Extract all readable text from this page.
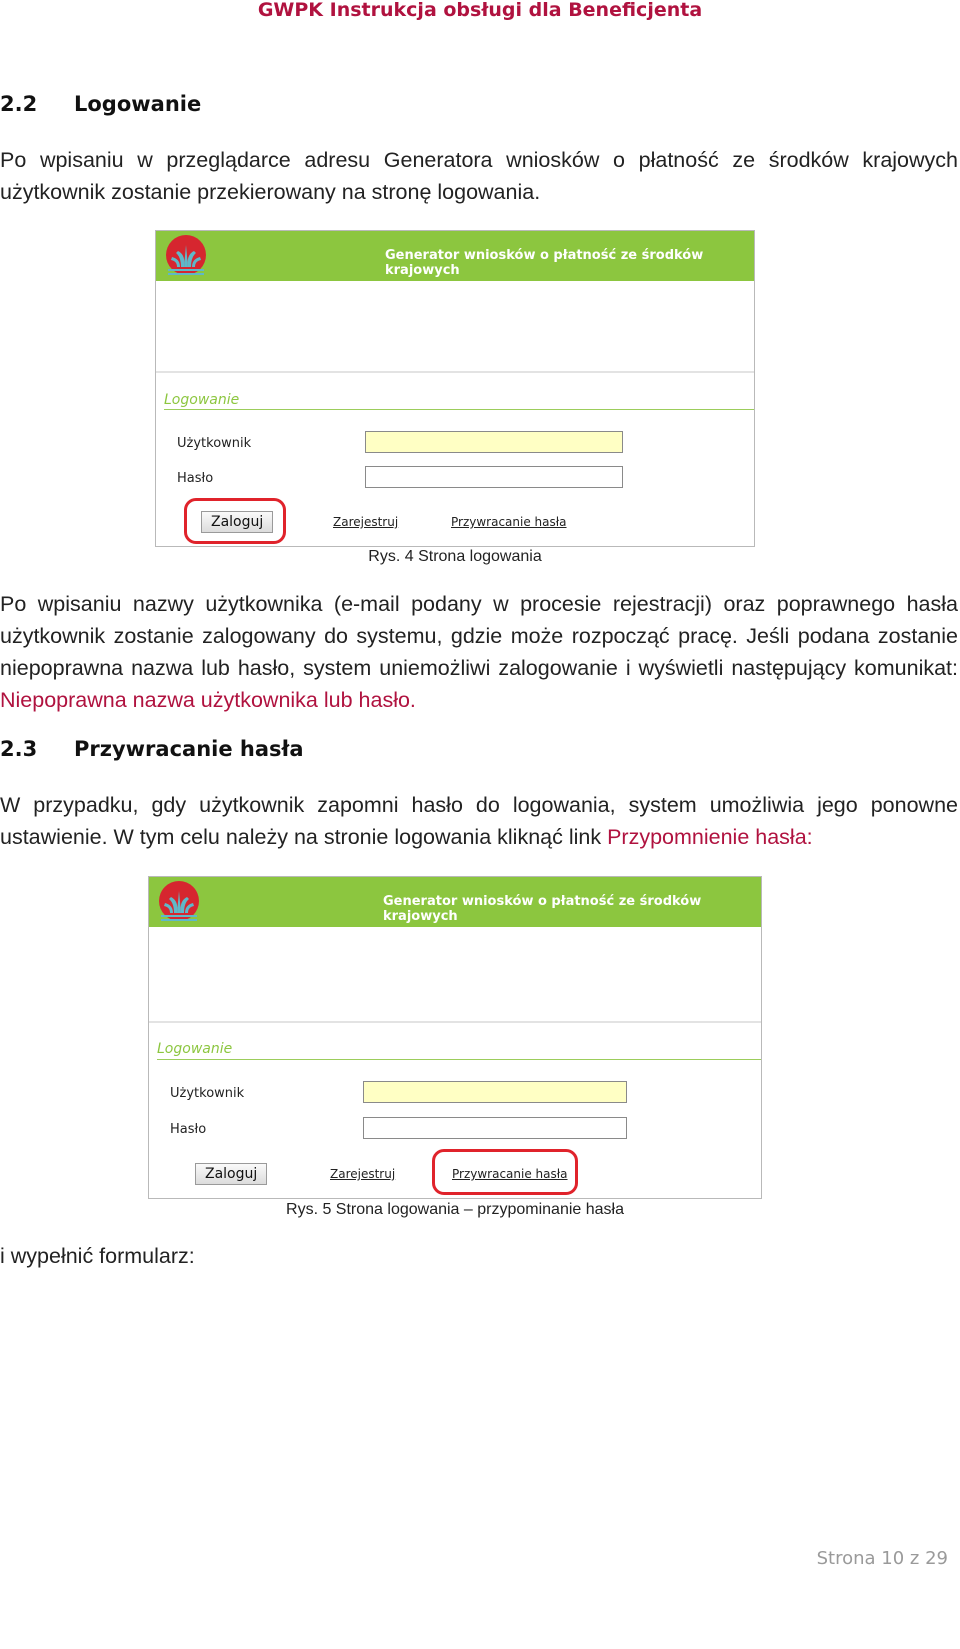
GWPK Instrukcja obsługi dla Beneficjenta
2.2 Logowanie
Po wpisaniu w przeglądarce adresu Generatora wniosków o płatność ze środków krajowych użytkownik zostanie przekierowany na stronę logowania.
Generator wniosków o płatność ze środków krajowych
Logowanie
Użytkownik
Hasło
Zaloguj	Zarejestruj	Przywracanie hasła
Rys. 4 Strona logowania
Po wpisaniu nazwy użytkownika (e-mail podany w procesie rejestracji) oraz poprawnego hasła użytkownik zostanie zalogowany do systemu, gdzie może rozpocząć pracę. Jeśli podana zostanie niepoprawna nazwa lub hasło, system uniemożliwi zalogowanie i wyświetli następujący komunikat: Niepoprawna nazwa użytkownika lub hasło.
2.3 Przywracanie hasła
W przypadku, gdy użytkownik zapomni hasło do logowania, system umożliwia jego ponowne ustawienie. W tym celu należy na stronie logowania kliknąć link Przypomnienie hasła:
Generator wniosków o płatność ze środków krajowych
Logowanie
Użytkownik
Hasło
Zaloguj	Zarejestruj	Przywracanie hasła
Rys. 5 Strona logowania – przypominanie hasła
i wypełnić formularz:
Strona 10 z 29
